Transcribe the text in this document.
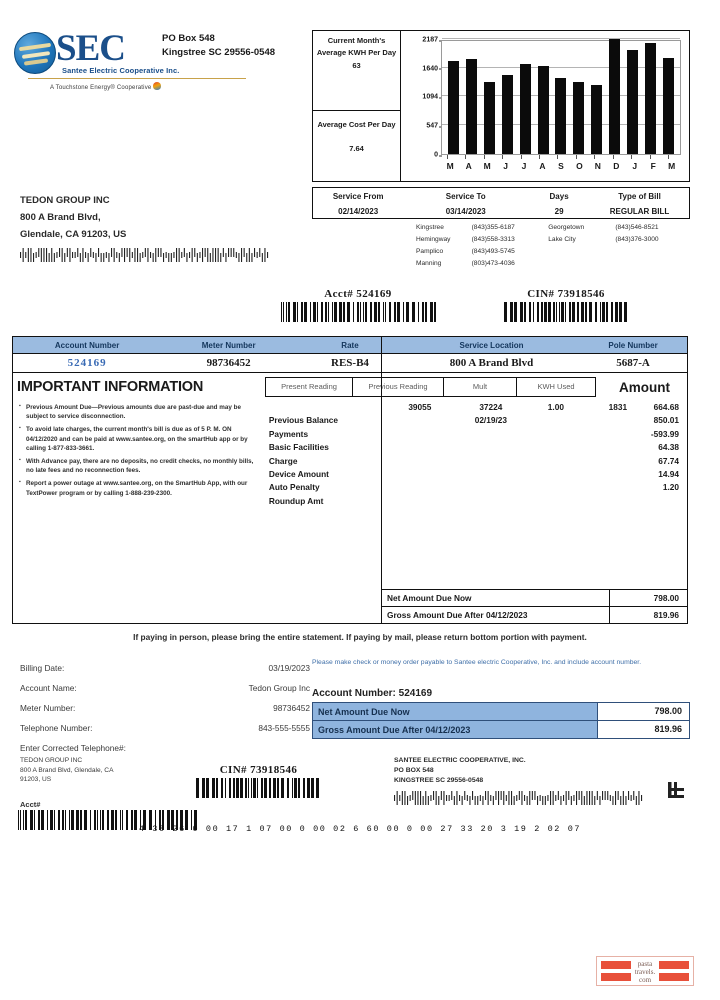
SEC
Santee Electric Cooperative Inc.
A Touchstone Energy® Cooperative
PO Box 548
Kingstree SC 29556-0548
Current Month's Average KWH Per Day
63
Average Cost Per Day
7.64
0
547
1094
1640
2187
M A M	J	J	A	S	O N D	J	F	M
Service From
02/14/2023
Service To
03/14/2023
Days
29
Type of Bill
REGULAR BILL
Kingstree	(843)355-6187	Georgetown	(843)546-8521
Hemingway	(843)558-3313	Lake City	(843)376-3000
Pamplico	(843)493-5745
Manning	(803)473-4036
TEDON GROUP INC
800 A Brand Blvd,
Glendale, CA 91203, US
Acct# 524169	CIN# 73918546
Account Number	Meter Number	Rate	Service Location	Pole Number
524169	98736452	RES-B4	800 A Brand Blvd	5687-A
IMPORTANT INFORMATION	Present Reading	Previous Reading	Mult	KWH Used	Amount
▪ Previous Amount Due—Previous amounts due are past-due and may be subject to service disconnection.
▪ To avoid late charges, the current month's bill is due as of 5 P. M. ON 04/12/2020 and can be paid at www.santee.org, on the smartHub app or by calling 1-877-833-3661.
▪ With Advance pay, there are no deposits, no credit checks, no monthly bills, no late fees and no reconnection fees.
▪ Report a power outage at www.santee.org, on the SmartHub App, with our TextPower program or by calling 1-888-239-2300.
39055	37224	1.00	1831	664.68
Previous Balance	02/19/23	850.01
Payments	-593.99
Basic Facilities	64.38
Charge	67.74
Device Amount	14.94
Auto Penalty	1.20
Roundup Amt
Net Amount Due Now	798.00
Gross Amount Due After 04/12/2023	819.96
If paying in person, please bring the entire statement. If paying by mail, please return bottom portion with payment.
Billing Date:	03/19/2023
Account Name:	Tedon Group Inc
Meter Number:	98736452
Telephone Number:	843-555-5555
Enter Corrected Telephone#:
Please make check or money order payable to Santee electric Cooperative, Inc. and include account number.
Account Number: 524169
Net Amount Due Now	798.00
Gross Amount Due After 04/12/2023	819.96
TEDON GROUP INC
800 A Brand Blvd, Glendale, CA
91203, US
Acct#
CIN# 73918546
SANTEE ELECTRIC COOPERATIVE, INC.
PO BOX 548
KINGSTREE SC 29556-0548
4 30 26 0 00 17 1 07 00 0 00 02 6 60 00 0 00 27 33 20 3 19 2 02 07
pasta
travels.
com
